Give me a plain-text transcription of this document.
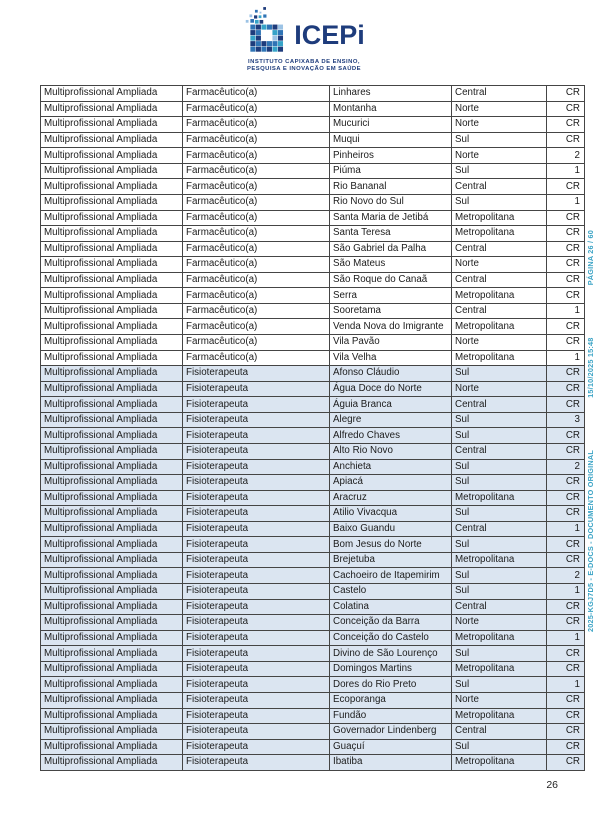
ICEPi
INSTITUTO CAPIXABA DE ENSINO,
PESQUISA E INOVAÇÃO EM SAÚDE
Multiprofissional Ampliada	Farmacêutico(a)	Linhares	Central	CR
Multiprofissional Ampliada	Farmacêutico(a)	Montanha	Norte	CR
Multiprofissional Ampliada	Farmacêutico(a)	Mucurici	Norte	CR
Multiprofissional Ampliada	Farmacêutico(a)	Muqui	Sul	CR
Multiprofissional Ampliada	Farmacêutico(a)	Pinheiros	Norte	2
Multiprofissional Ampliada	Farmacêutico(a)	Piúma	Sul	1
Multiprofissional Ampliada	Farmacêutico(a)	Rio Bananal	Central	CR
Multiprofissional Ampliada	Farmacêutico(a)	Rio Novo do Sul	Sul	1
Multiprofissional Ampliada	Farmacêutico(a)	Santa Maria de Jetibá	Metropolitana	CR
Multiprofissional Ampliada	Farmacêutico(a)	Santa Teresa	Metropolitana	CR
Multiprofissional Ampliada	Farmacêutico(a)	São Gabriel da Palha	Central	CR
Multiprofissional Ampliada	Farmacêutico(a)	São Mateus	Norte	CR
Multiprofissional Ampliada	Farmacêutico(a)	São Roque do Canaã	Central	CR
Multiprofissional Ampliada	Farmacêutico(a)	Serra	Metropolitana	CR
Multiprofissional Ampliada	Farmacêutico(a)	Sooretama	Central	1
Multiprofissional Ampliada	Farmacêutico(a)	Venda Nova do Imigrante	Metropolitana	CR
Multiprofissional Ampliada	Farmacêutico(a)	Vila Pavão	Norte	CR
Multiprofissional Ampliada	Farmacêutico(a)	Vila Velha	Metropolitana	1
Multiprofissional Ampliada	Fisioterapeuta	Afonso Cláudio	Sul	CR
Multiprofissional Ampliada	Fisioterapeuta	Água Doce do Norte	Norte	CR
Multiprofissional Ampliada	Fisioterapeuta	Águia Branca	Central	CR
Multiprofissional Ampliada	Fisioterapeuta	Alegre	Sul	3
Multiprofissional Ampliada	Fisioterapeuta	Alfredo Chaves	Sul	CR
Multiprofissional Ampliada	Fisioterapeuta	Alto Rio Novo	Central	CR
Multiprofissional Ampliada	Fisioterapeuta	Anchieta	Sul	2
Multiprofissional Ampliada	Fisioterapeuta	Apiacá	Sul	CR
Multiprofissional Ampliada	Fisioterapeuta	Aracruz	Metropolitana	CR
Multiprofissional Ampliada	Fisioterapeuta	Atilio Vivacqua	Sul	CR
Multiprofissional Ampliada	Fisioterapeuta	Baixo Guandu	Central	1
Multiprofissional Ampliada	Fisioterapeuta	Bom Jesus do Norte	Sul	CR
Multiprofissional Ampliada	Fisioterapeuta	Brejetuba	Metropolitana	CR
Multiprofissional Ampliada	Fisioterapeuta	Cachoeiro de Itapemirim	Sul	2
Multiprofissional Ampliada	Fisioterapeuta	Castelo	Sul	1
Multiprofissional Ampliada	Fisioterapeuta	Colatina	Central	CR
Multiprofissional Ampliada	Fisioterapeuta	Conceição da Barra	Norte	CR
Multiprofissional Ampliada	Fisioterapeuta	Conceição do Castelo	Metropolitana	1
Multiprofissional Ampliada	Fisioterapeuta	Divino de São Lourenço	Sul	CR
Multiprofissional Ampliada	Fisioterapeuta	Domingos Martins	Metropolitana	CR
Multiprofissional Ampliada	Fisioterapeuta	Dores do Rio Preto	Sul	1
Multiprofissional Ampliada	Fisioterapeuta	Ecoporanga	Norte	CR
Multiprofissional Ampliada	Fisioterapeuta	Fundão	Metropolitana	CR
Multiprofissional Ampliada	Fisioterapeuta	Governador Lindenberg	Central	CR
Multiprofissional Ampliada	Fisioterapeuta	Guaçuí	Sul	CR
Multiprofissional Ampliada	Fisioterapeuta	Ibatiba	Metropolitana	CR
2025-KGJ7D5 - E-DOCS - DOCUMENTO ORIGINAL
15/10/2025 15:48
PÁGINA 26 / 60
26
